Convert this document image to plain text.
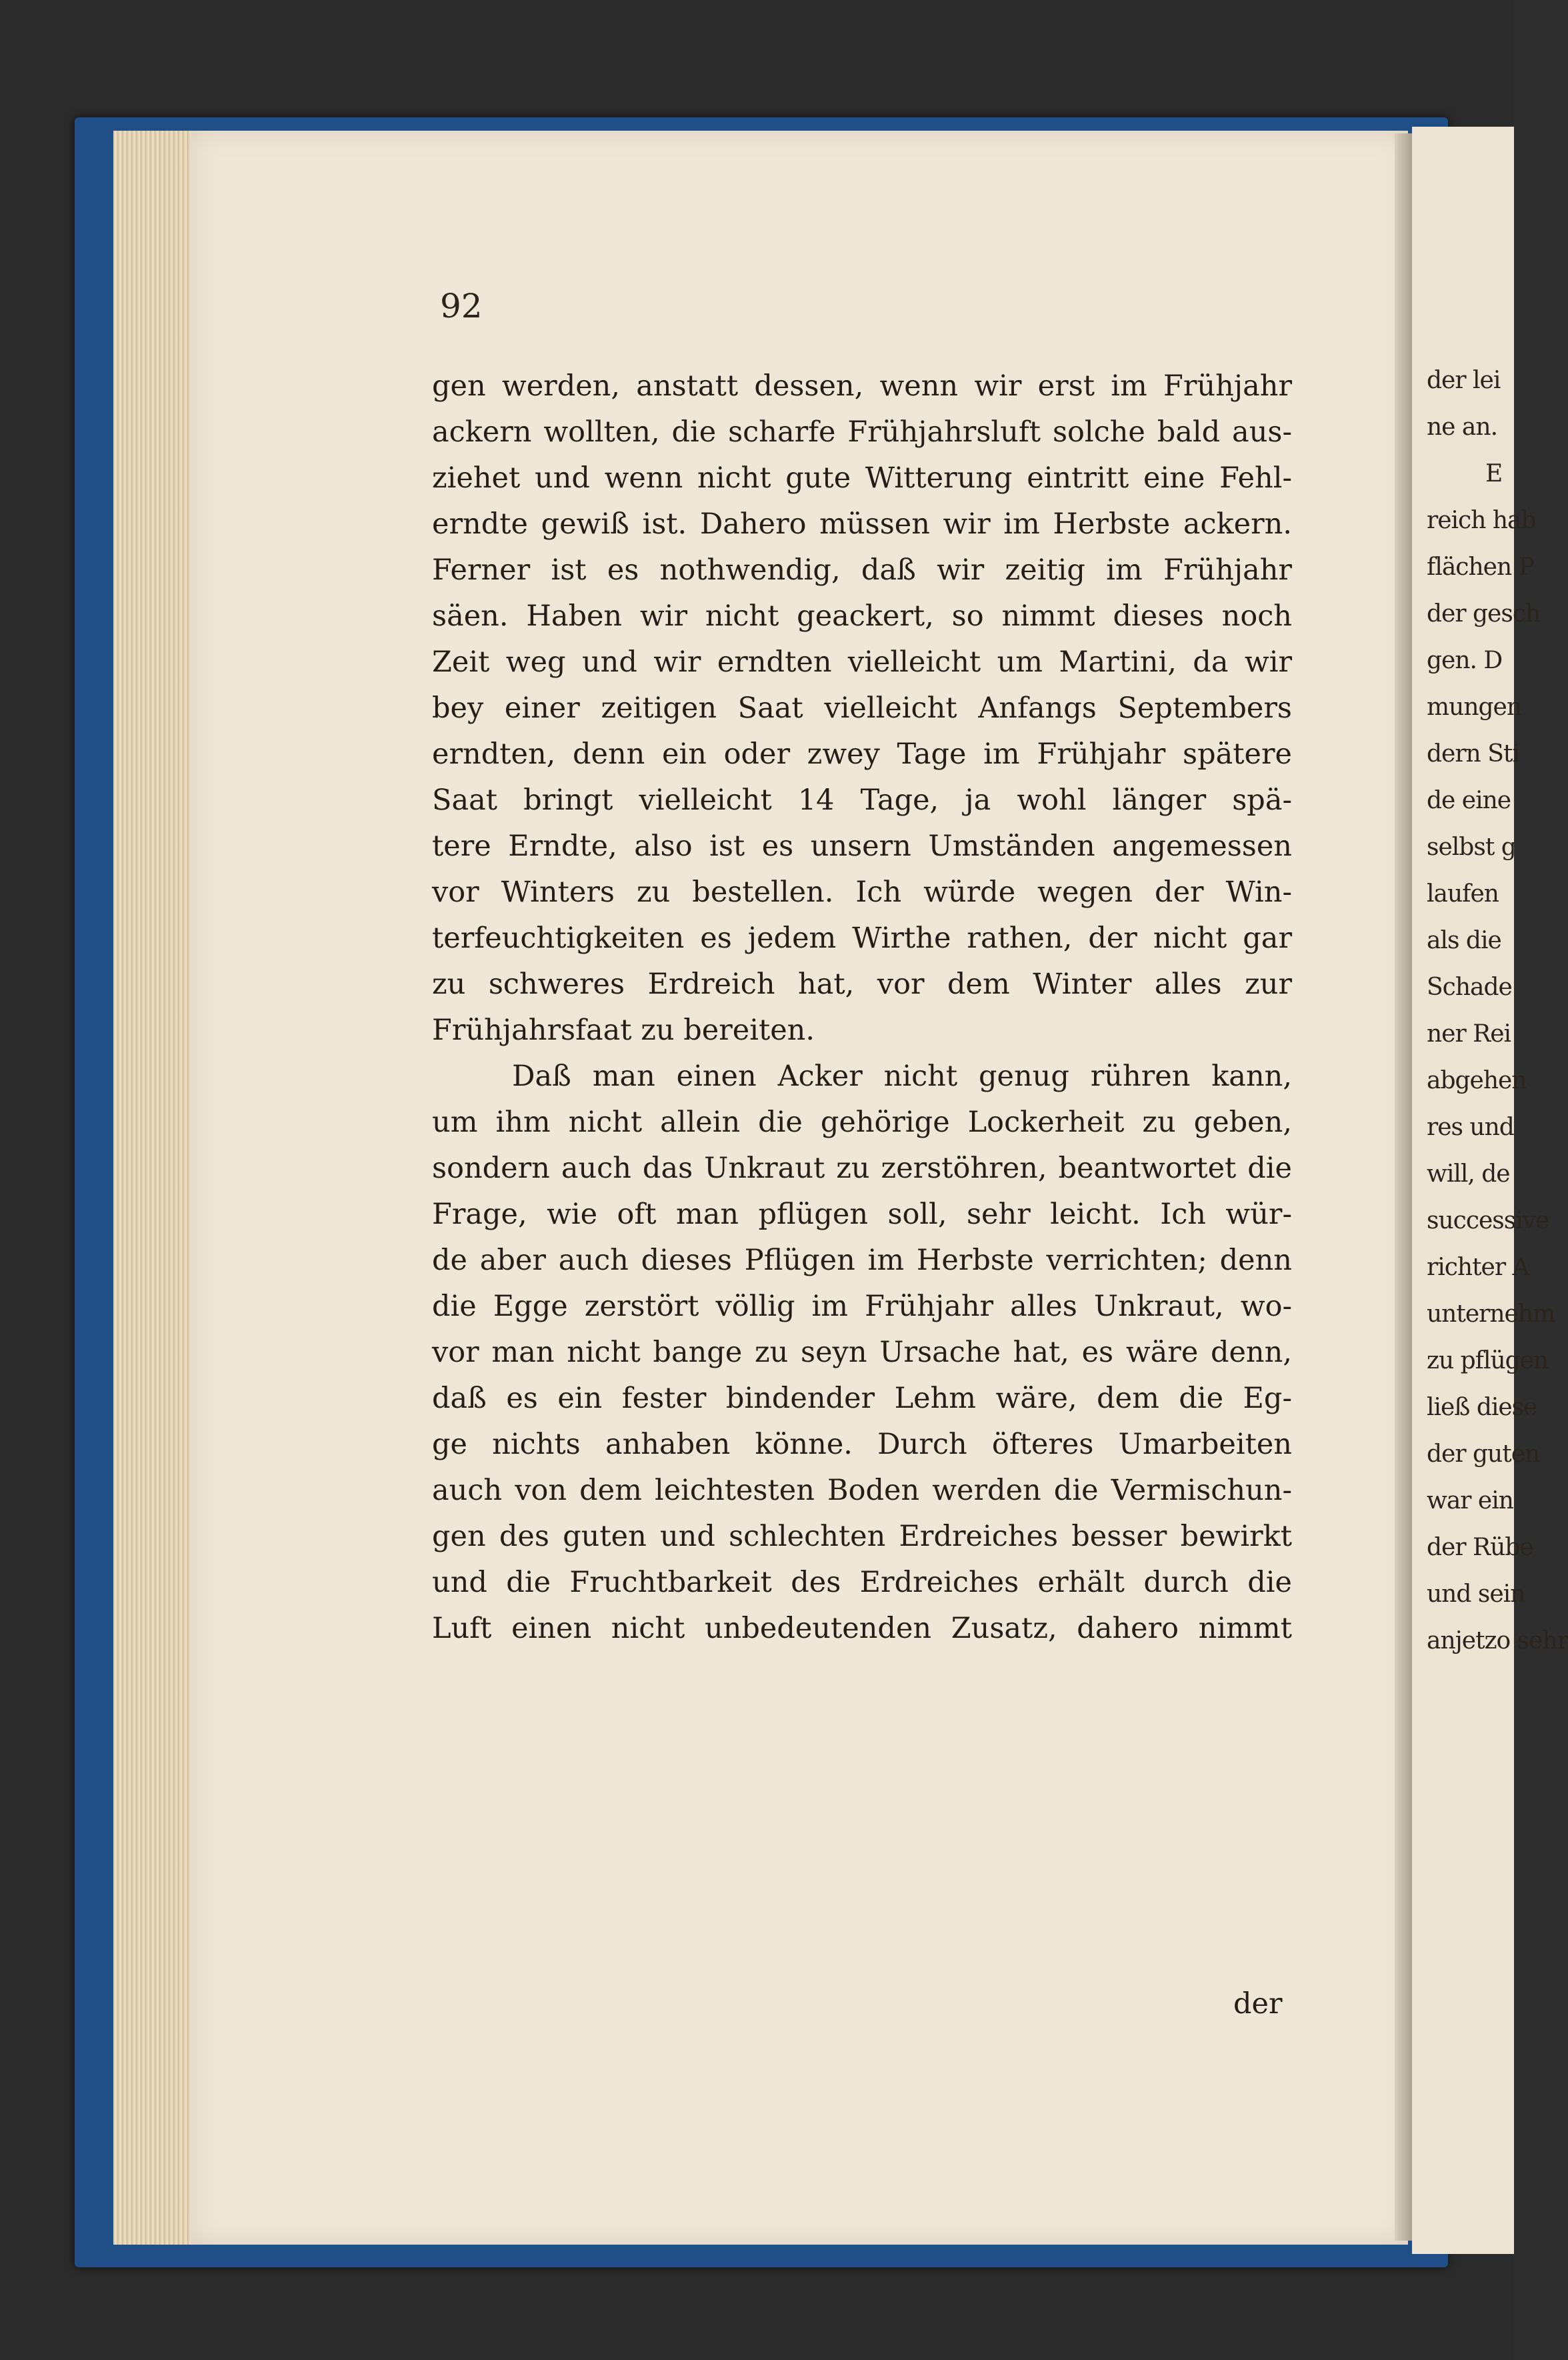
92
gen werden, anstatt dessen, wenn wir erst im Frühjahr
ackern wollten, die scharfe Frühjahrsluft solche bald aus-
ziehet und wenn nicht gute Witterung eintritt eine Fehl-
erndte gewiß ist. Dahero müssen wir im Herbste ackern.
Ferner ist es nothwendig, daß wir zeitig im Frühjahr
säen. Haben wir nicht geackert, so nimmt dieses noch
Zeit weg und wir erndten vielleicht um Martini, da wir
bey einer zeitigen Saat vielleicht Anfangs Septembers
erndten, denn ein oder zwey Tage im Frühjahr spätere
Saat bringt vielleicht 14 Tage, ja wohl länger spä-
tere Erndte, also ist es unsern Umständen angemessen
vor Winters zu bestellen. Ich würde wegen der Win-
terfeuchtigkeiten es jedem Wirthe rathen, der nicht gar
zu schweres Erdreich hat, vor dem Winter alles zur
Frühjahrsfaat zu bereiten.
Daß man einen Acker nicht genug rühren kann,
um ihm nicht allein die gehörige Lockerheit zu geben,
sondern auch das Unkraut zu zerstöhren, beantwortet die
Frage, wie oft man pflügen soll, sehr leicht. Ich wür-
de aber auch dieses Pflügen im Herbste verrichten; denn
die Egge zerstört völlig im Frühjahr alles Unkraut, wo-
vor man nicht bange zu seyn Ursache hat, es wäre denn,
daß es ein fester bindender Lehm wäre, dem die Eg-
ge nichts anhaben könne. Durch öfteres Umarbeiten
auch von dem leichtesten Boden werden die Vermischun-
gen des guten und schlechten Erdreiches besser bewirkt
und die Fruchtbarkeit des Erdreiches erhält durch die
Luft einen nicht unbedeutenden Zusatz, dahero nimmt
der
der lei
ne an.
E
reich hab
flächen P
der gesch
gen. D
mungen
dern Sti
de eine
selbst g
laufen
als die
Schade
ner Rei
abgehen
res und
will, de
successive
richter A
unternehm
zu pflügen
ließ diese
der guten
war ein
der Rübe
und sein
anjetzo sehr
